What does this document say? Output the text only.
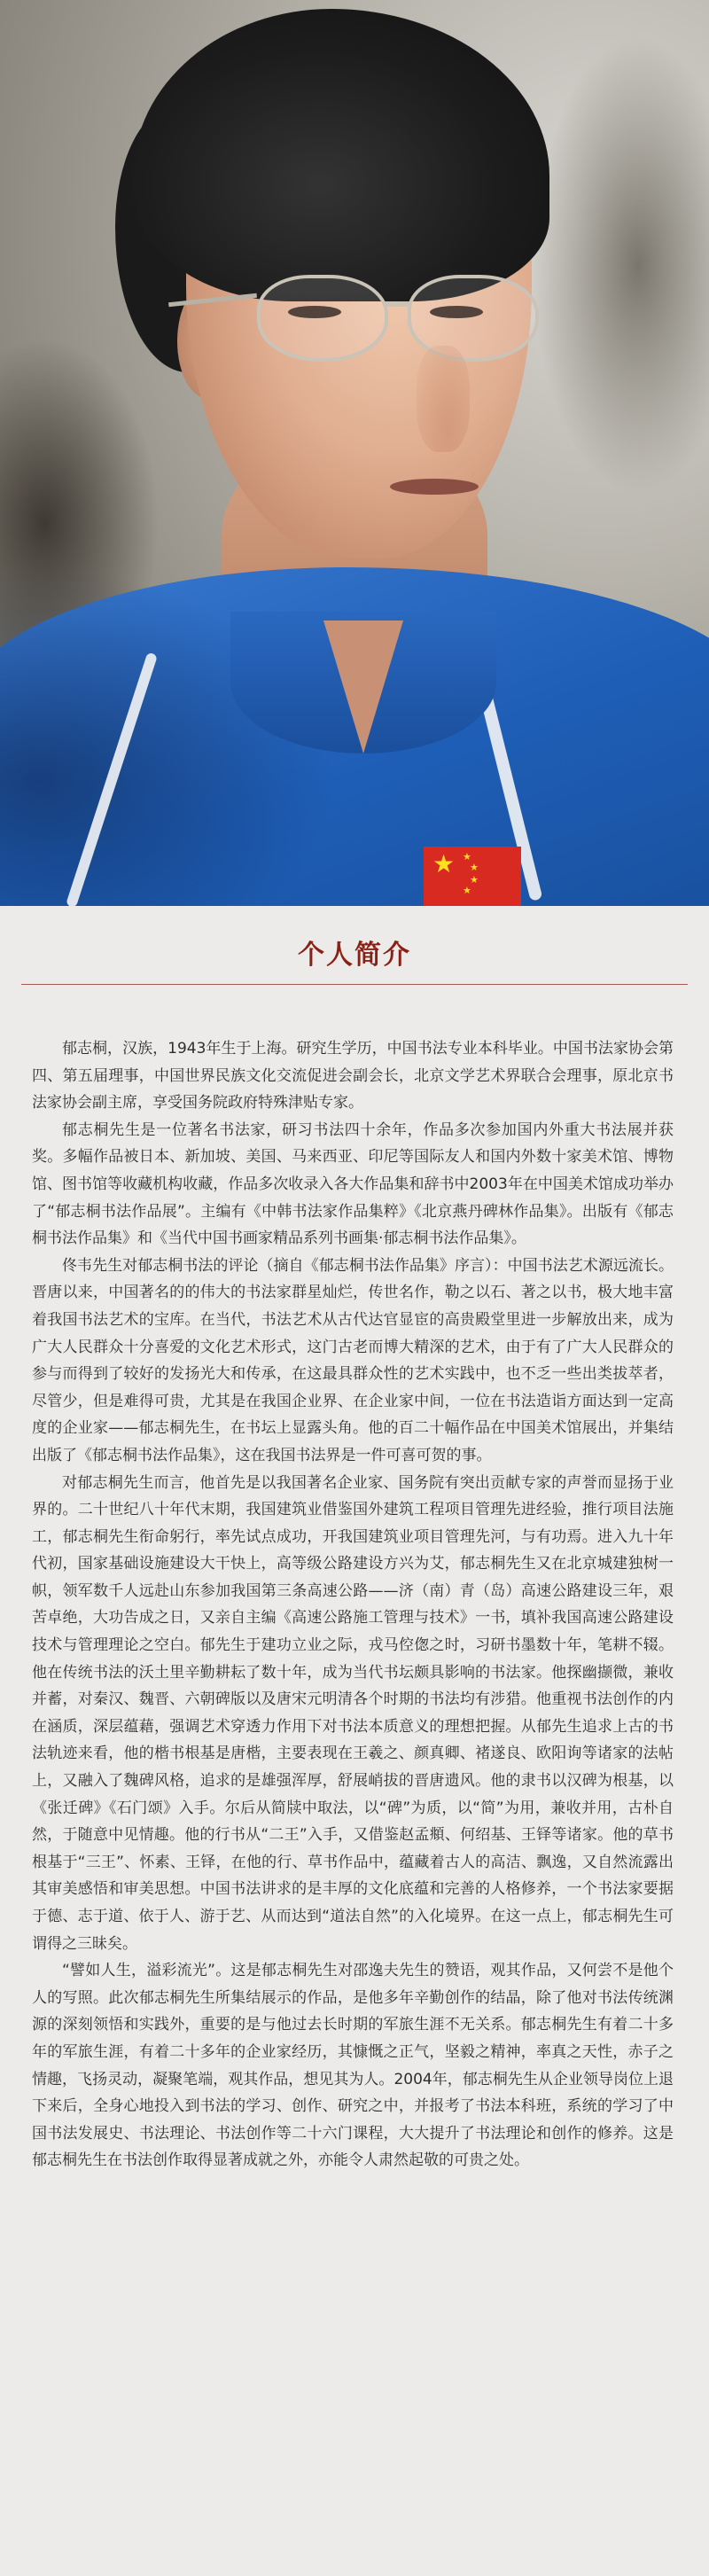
★ ★
★
★
★
个人简介

郁志桐，汉族，1943年生于上海。研究生学历，中国书法专业本科毕业。中国书法家协会第四、第五届理事，中国世界民族文化交流促进会副会长，北京文学艺术界联合会理事，原北京书法家协会副主席，享受国务院政府特殊津贴专家。

郁志桐先生是一位著名书法家，研习书法四十余年，作品多次参加国内外重大书法展并获奖。多幅作品被日本、新加坡、美国、马来西亚、印尼等国际友人和国内外数十家美术馆、博物馆、图书馆等收藏机构收藏，作品多次收录入各大作品集和辞书中2003年在中国美术馆成功举办了“郁志桐书法作品展”。主编有《中韩书法家作品集粹》《北京燕丹碑林作品集》。出版有《郁志桐书法作品集》和《当代中国书画家精品系列书画集·郁志桐书法作品集》。

佟韦先生对郁志桐书法的评论（摘自《郁志桐书法作品集》序言）：中国书法艺术源远流长。晋唐以来，中国著名的的伟大的书法家群星灿烂，传世名作，勒之以石、著之以书，极大地丰富着我国书法艺术的宝库。在当代，书法艺术从古代达官显宦的高贵殿堂里进一步解放出来，成为广大人民群众十分喜爱的文化艺术形式，这门古老而博大精深的艺术，由于有了广大人民群众的参与而得到了较好的发扬光大和传承，在这最具群众性的艺术实践中，也不乏一些出类拔萃者，尽管少，但是难得可贵，尤其是在我国企业界、在企业家中间，一位在书法造诣方面达到一定高度的企业家——郁志桐先生，在书坛上显露头角。他的百二十幅作品在中国美术馆展出，并集结出版了《郁志桐书法作品集》，这在我国书法界是一件可喜可贺的事。

对郁志桐先生而言，他首先是以我国著名企业家、国务院有突出贡献专家的声誉而显扬于业界的。二十世纪八十年代末期，我国建筑业借鉴国外建筑工程项目管理先进经验，推行项目法施工，郁志桐先生衔命躬行，率先试点成功，开我国建筑业项目管理先河，与有功焉。进入九十年代初，国家基础设施建设大干快上，高等级公路建设方兴为艾，郁志桐先生又在北京城建独树一帜，领军数千人远赴山东参加我国第三条高速公路——济（南）青（岛）高速公路建设三年，艰苦卓绝，大功告成之日，又亲自主编《高速公路施工管理与技术》一书，填补我国高速公路建设技术与管理理论之空白。郁先生于建功立业之际，戎马倥偬之时，习研书墨数十年，笔耕不辍。他在传统书法的沃土里辛勤耕耘了数十年，成为当代书坛颇具影响的书法家。他探幽撷微，兼收并蓄，对秦汉、魏晋、六朝碑版以及唐宋元明清各个时期的书法均有涉猎。他重视书法创作的内在涵质，深层蕴藉，强调艺术穿透力作用下对书法本质意义的理想把握。从郁先生追求上古的书法轨迹来看，他的楷书根基是唐楷，主要表现在王羲之、颜真卿、褚遂良、欧阳询等诸家的法帖上，又融入了魏碑风格，追求的是雄强浑厚，舒展峭拔的晋唐遗风。他的隶书以汉碑为根基，以《张迁碑》《石门颂》入手。尔后从简牍中取法，以“碑”为质，以“简”为用，兼收并用，古朴自然，于随意中见情趣。他的行书从“二王”入手，又借鉴赵孟頫、何绍基、王铎等诸家。他的草书根基于“三王”、怀素、王铎，在他的行、草书作品中，蕴藏着古人的高洁、飘逸，又自然流露出其审美感悟和审美思想。中国书法讲求的是丰厚的文化底蕴和完善的人格修养，一个书法家要据于德、志于道、依于人、游于艺、从而达到“道法自然”的入化境界。在这一点上，郁志桐先生可谓得之三昧矣。

“譬如人生，溢彩流光”。这是郁志桐先生对邵逸夫先生的赞语，观其作品，又何尝不是他个人的写照。此次郁志桐先生所集结展示的作品，是他多年辛勤创作的结晶，除了他对书法传统渊源的深刻领悟和实践外，重要的是与他过去长时期的军旅生涯不无关系。郁志桐先生有着二十多年的军旅生涯，有着二十多年的企业家经历，其慷慨之正气，坚毅之精神，率真之天性，赤子之情趣，飞扬灵动，凝聚笔端，观其作品，想见其为人。2004年，郁志桐先生从企业领导岗位上退下来后，全身心地投入到书法的学习、创作、研究之中，并报考了书法本科班，系统的学习了中国书法发展史、书法理论、书法创作等二十六门课程，大大提升了书法理论和创作的修养。这是郁志桐先生在书法创作取得显著成就之外，亦能令人肃然起敬的可贵之处。
